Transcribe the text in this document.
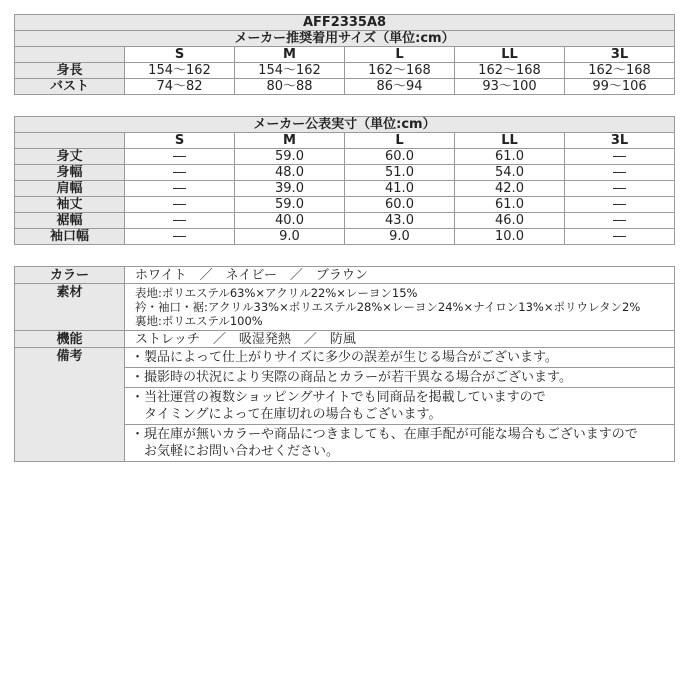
AFF2335A8					
メーカー推奨着用サイズ（単位:cm）					
	S	M	L	LL	3L
身長	154〜162	154〜162	162〜168	162〜168	162〜168
バスト	74〜82	80〜88	86〜94	93〜100	99〜106
メーカー公表実寸（単位:cm）					
	S	M	L	LL	3L
身丈	―	59.0	60.0	61.0	―
身幅	―	48.0	51.0	54.0	―
肩幅	―	39.0	41.0	42.0	―
袖丈	―	59.0	60.0	61.0	―
裾幅	―	40.0	43.0	46.0	―
袖口幅	―	9.0	9.0	10.0	―
カラー	ホワイト　／　ネイビー　／　ブラウン
素材	表地:ポリエステル63%×アクリル22%×レーヨン15%
衿・袖口・裾:アクリル33%×ポリエステル28%×レーヨン24%×ナイロン13%×ポリウレタン2%
裏地:ポリエステル100%

機能	ストレッチ　／　吸湿発熱　／　防風
備考	・製品によって仕上がりサイズに多少の誤差が生じる場合がございます。
	・撮影時の状況により実際の商品とカラーが若干異なる場合がございます。

	・当社運営の複数ショッピングサイトでも同商品を掲載していますので
　タイミングによって在庫切れの場合もございます。

	・現在庫が無いカラーや商品につきましても、在庫手配が可能な場合もございますので
　お気軽にお問い合わせください。
